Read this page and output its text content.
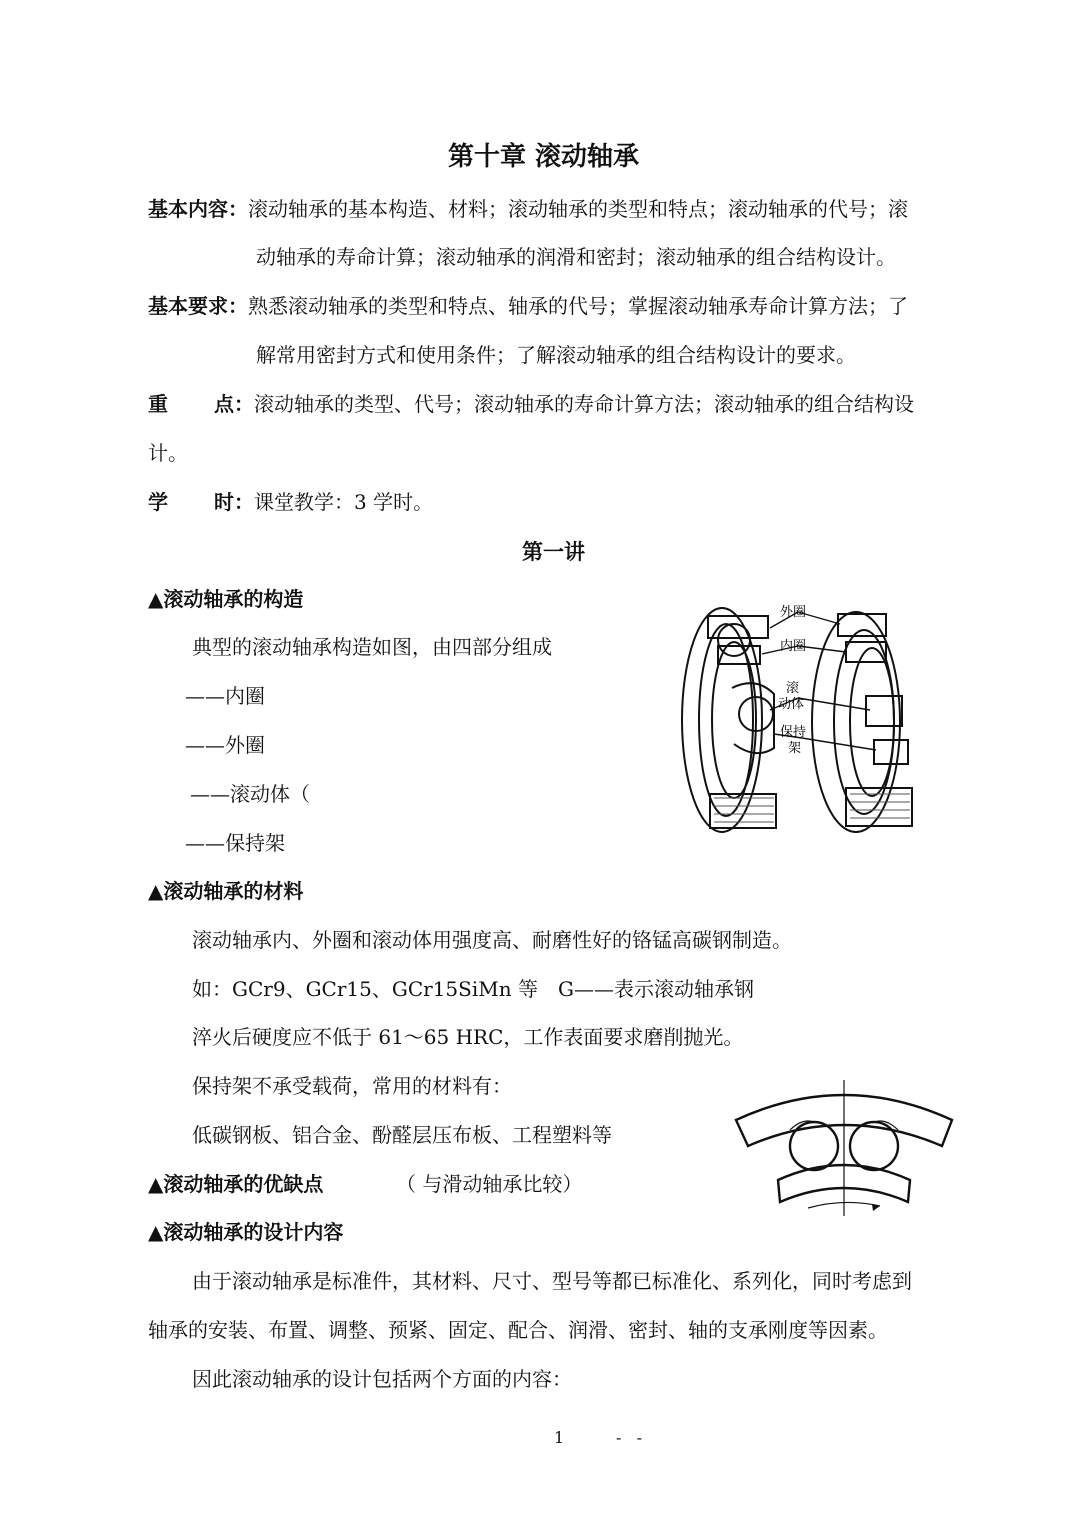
第十章 滚动轴承
基本内容：滚动轴承的基本构造、材料；滚动轴承的类型和特点；滚动轴承的代号；滚
动轴承的寿命计算；滚动轴承的润滑和密封；滚动轴承的组合结构设计。
基本要求：熟悉滚动轴承的类型和特点、轴承的代号；掌握滚动轴承寿命计算方法；了
解常用密封方式和使用条件；了解滚动轴承的组合结构设计的要求。
重 点：滚动轴承的类型、代号；滚动轴承的寿命计算方法；滚动轴承的组合结构设
计。
学 时：课堂教学：3 学时。
第一讲
▲滚动轴承的构造
典型的滚动轴承构造如图，由四部分组成
——内圈
——外圈
——滚动体（
——保持架
外圈
内圈
滚
动体
保持
架
▲滚动轴承的材料
滚动轴承内、外圈和滚动体用强度高、耐磨性好的铬锰高碳钢制造。
如：GCr9、GCr15、GCr15SiMn 等 G——表示滚动轴承钢
淬火后硬度应不低于 61～65 HRC，工作表面要求磨削抛光。
保持架不承受载荷，常用的材料有：
低碳钢板、铝合金、酚醛层压布板、工程塑料等
▲滚动轴承的优缺点	（ 与滑动轴承比较）
▲滚动轴承的设计内容
由于滚动轴承是标准件，其材料、尺寸、型号等都已标准化、系列化，同时考虑到
轴承的安装、布置、调整、预紧、固定、配合、润滑、密封、轴的支承刚度等因素。
因此滚动轴承的设计包括两个方面的内容：
1	-   -
